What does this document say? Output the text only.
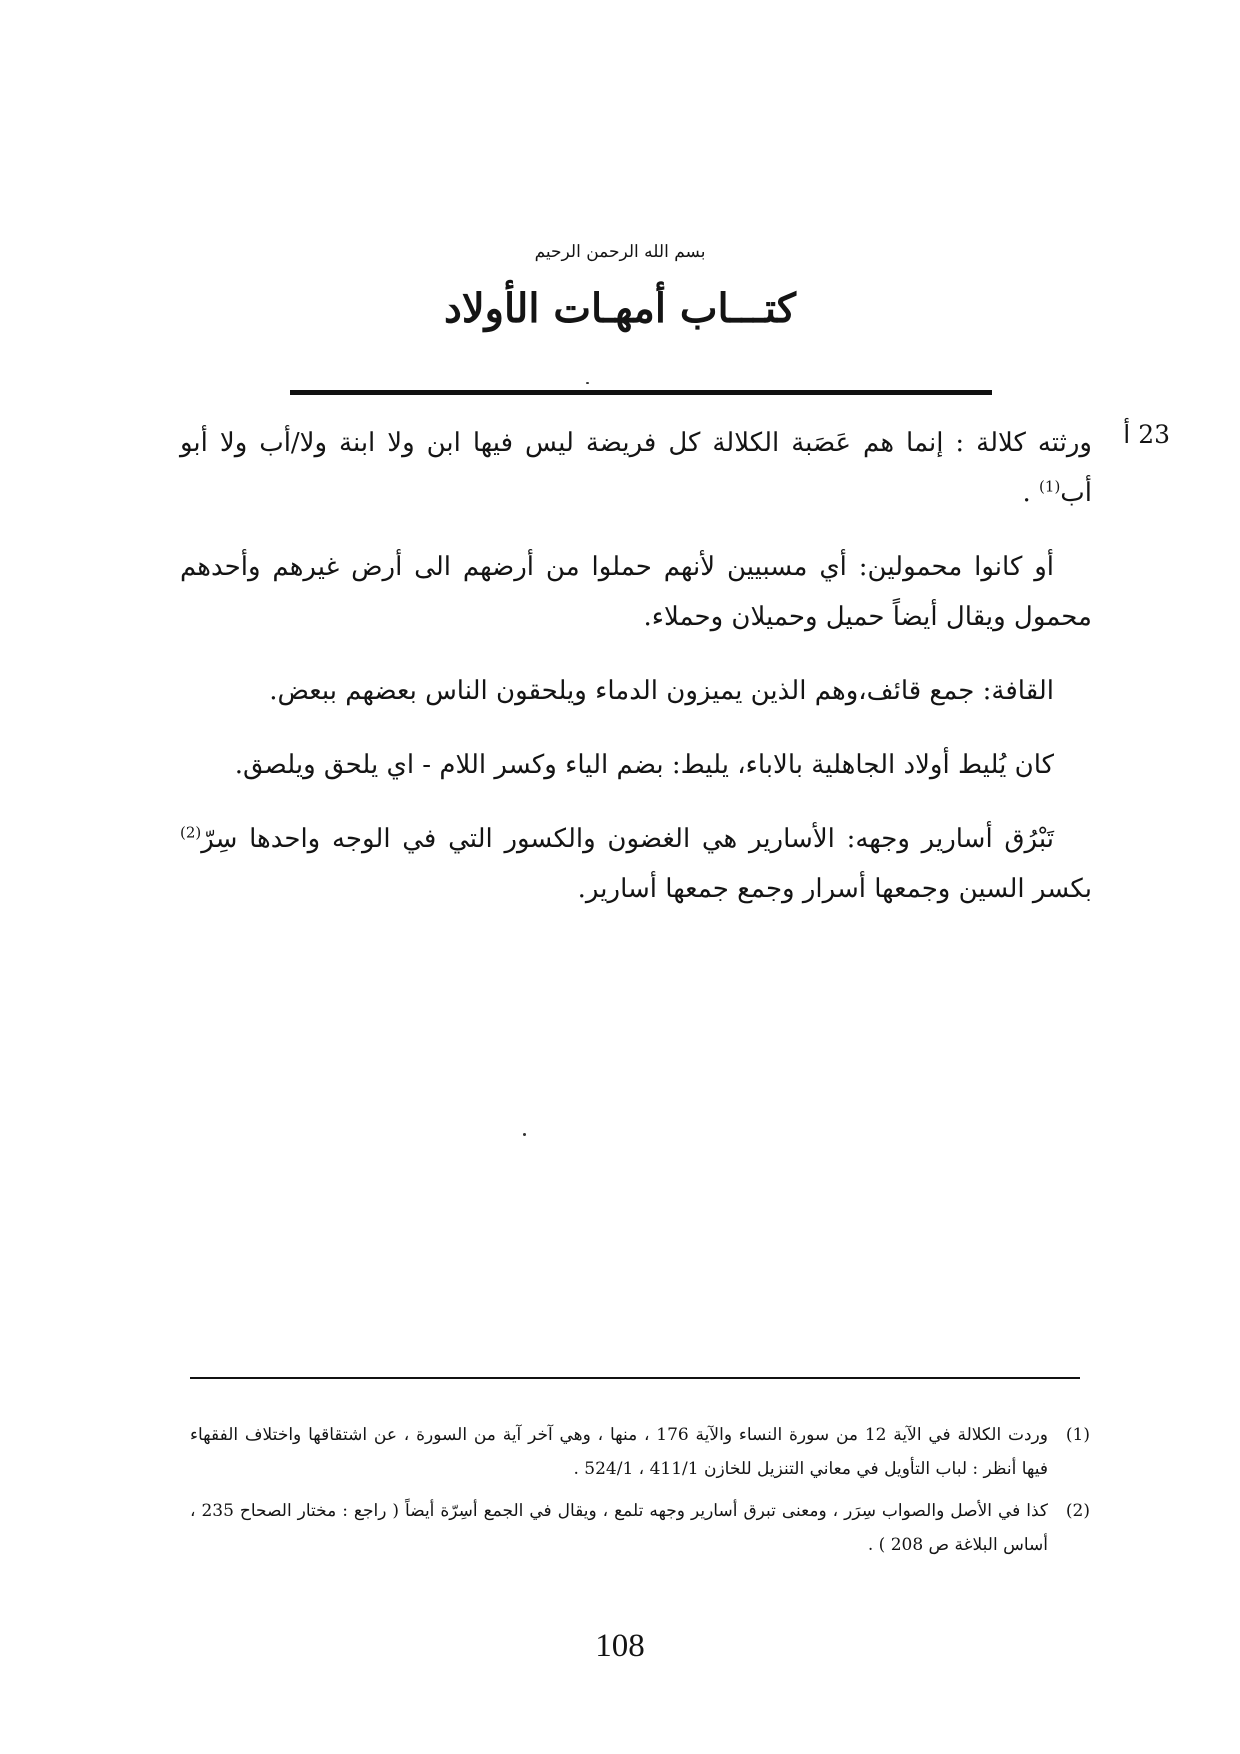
بسم الله الرحمن الرحيم
كتـــاب أمهـات الأولاد
23 أ

ورثته كلالة : إنما هم عَصَبة الكلالة كل فريضة ليس فيها ابن ولا ابنة ولا/أب ولا أبو أب$^{(1)}$ .

أو كانوا محمولين: أي مسبيين لأنهم حملوا من أرضهم الى أرض غيرهم وأحدهم محمول ويقال أيضاً حميل وحميلان وحملاء.

القافة: جمع قائف،وهم الذين يميزون الدماء ويلحقون الناس بعضهم ببعض.

كان يُليط أولاد الجاهلية بالاباء، يليط: بضم الياء وكسر اللام - اي يلحق ويلصق.

تَبْرُق أسارير وجهه: الأسارير هي الغضون والكسور التي في الوجه واحدها سِرّ$^{(2)}$ بكسر السين وجمعها أسرار وجمع جمعها أسارير.

(1)
وردت الكلالة في الآية 12 من سورة النساء والآية 176 ، منها ، وهي آخر آية من السورة ، عن اشتقاقها واختلاف الفقهاء فيها أنظر : لباب التأويل في معاني التنزيل للخازن 411/1 ، 524/1 .
(2)
كذا في الأصل والصواب سِرَر ، ومعنى تبرق أسارير وجهه تلمع ، ويقال في الجمع أسِرّة أيضاً ( راجع : مختار الصحاح 235 ، أساس البلاغة ص 208 ) .
108
